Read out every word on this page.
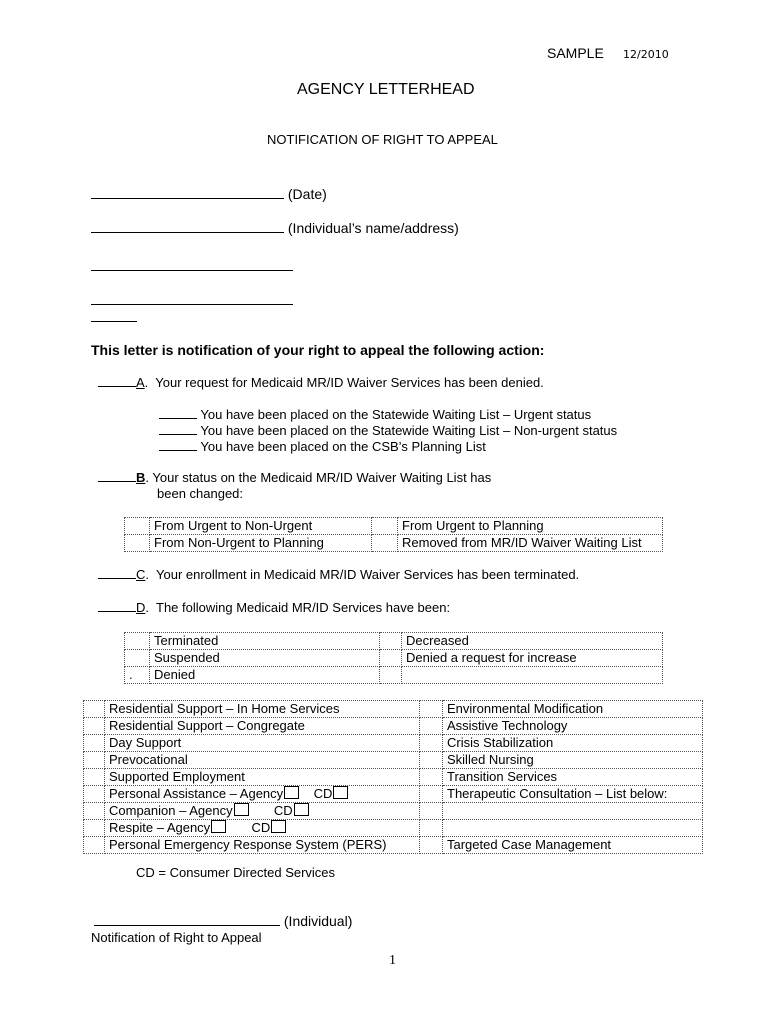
SAMPLE 12/2010
AGENCY LETTERHEAD
NOTIFICATION OF RIGHT TO APPEAL
(Date)
(Individual’s name/address)
This letter is notification of your right to appeal the following action:
A.  Your request for Medicaid MR/ID Waiver Services has been denied.
You have been placed on the Statewide Waiting List – Urgent status
You have been placed on the Statewide Waiting List – Non-urgent status
You have been placed on the CSB’s Planning List
B. Your status on the Medicaid MR/ID Waiver Waiting List has
been changed:
	From Urgent to Non-Urgent		From Urgent to Planning
	From Non-Urgent to Planning		Removed from MR/ID Waiver Waiting List
C.  Your enrollment in Medicaid MR/ID Waiver Services has been terminated.
D.  The following Medicaid MR/ID Services have been:
	Terminated		Decreased
	Suspended		Denied a request for increase
.	Denied		
	Residential Support – In Home Services		Environmental Modification
	Residential Support – Congregate		Assistive Technology
	Day Support		Crisis Stabilization
	Prevocational		Skilled Nursing
	Supported Employment		Transition Services
	Personal Assistance – Agency CD		Therapeutic Consultation – List below:
	Companion – Agency CD		
	Respite – Agency CD		
	Personal Emergency Response System (PERS)		Targeted Case Management
CD = Consumer Directed Services
(Individual)
Notification of Right to Appeal
1
